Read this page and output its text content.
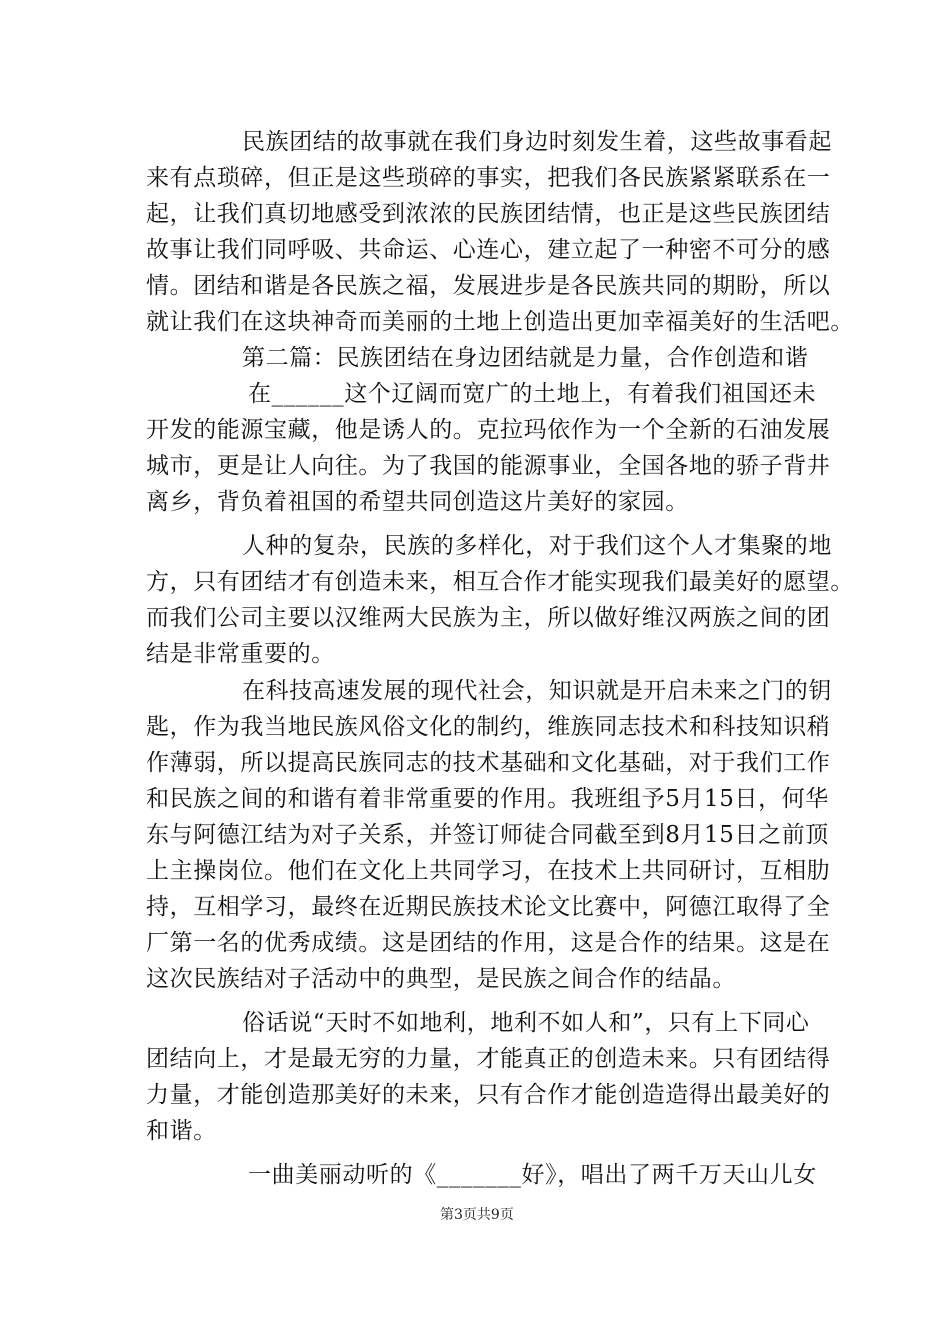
民族团结的故事就在我们身边时刻发生着，这些故事看起
来有点琐碎，但正是这些琐碎的事实，把我们各民族紧紧联系在一
起，让我们真切地感受到浓浓的民族团结情，也正是这些民族团结
故事让我们同呼吸、共命运、心连心，建立起了一种密不可分的感
情。团结和谐是各民族之福，发展进步是各民族共同的期盼，所以
就让我们在这块神奇而美丽的土地上创造出更加幸福美好的生活吧。
第二篇：民族团结在身边团结就是力量，合作创造和谐
在______这个辽阔而宽广的土地上，有着我们祖国还未
开发的能源宝藏，他是诱人的。克拉玛依作为一个全新的石油发展
城市，更是让人向往。为了我国的能源事业，全国各地的骄子背井
离乡，背负着祖国的希望共同创造这片美好的家园。
人种的复杂，民族的多样化，对于我们这个人才集聚的地
方，只有团结才有创造未来，相互合作才能实现我们最美好的愿望。
而我们公司主要以汉维两大民族为主，所以做好维汉两族之间的团
结是非常重要的。
在科技高速发展的现代社会，知识就是开启未来之门的钥
匙，作为我当地民族风俗文化的制约，维族同志技术和科技知识稍
作薄弱，所以提高民族同志的技术基础和文化基础，对于我们工作
和民族之间的和谐有着非常重要的作用。我班组予5月15日，何华
东与阿德江结为对子关系，并签订师徒合同截至到8月15日之前顶
上主操岗位。他们在文化上共同学习，在技术上共同研讨，互相肋
持，互相学习，最终在近期民族技术论文比赛中，阿德江取得了全
厂第一名的优秀成绩。这是团结的作用，这是合作的结果。这是在
这次民族结对子活动中的典型，是民族之间合作的结晶。
俗话说“天时不如地利，地利不如人和”，只有上下同心
团结向上，才是最无穷的力量，才能真正的创造未来。只有团结得
力量，才能创造那美好的未来，只有合作才能创造造得出最美好的
和谐。
一曲美丽动听的《_______好》，唱出了两千万天山儿女
第3页共9页
